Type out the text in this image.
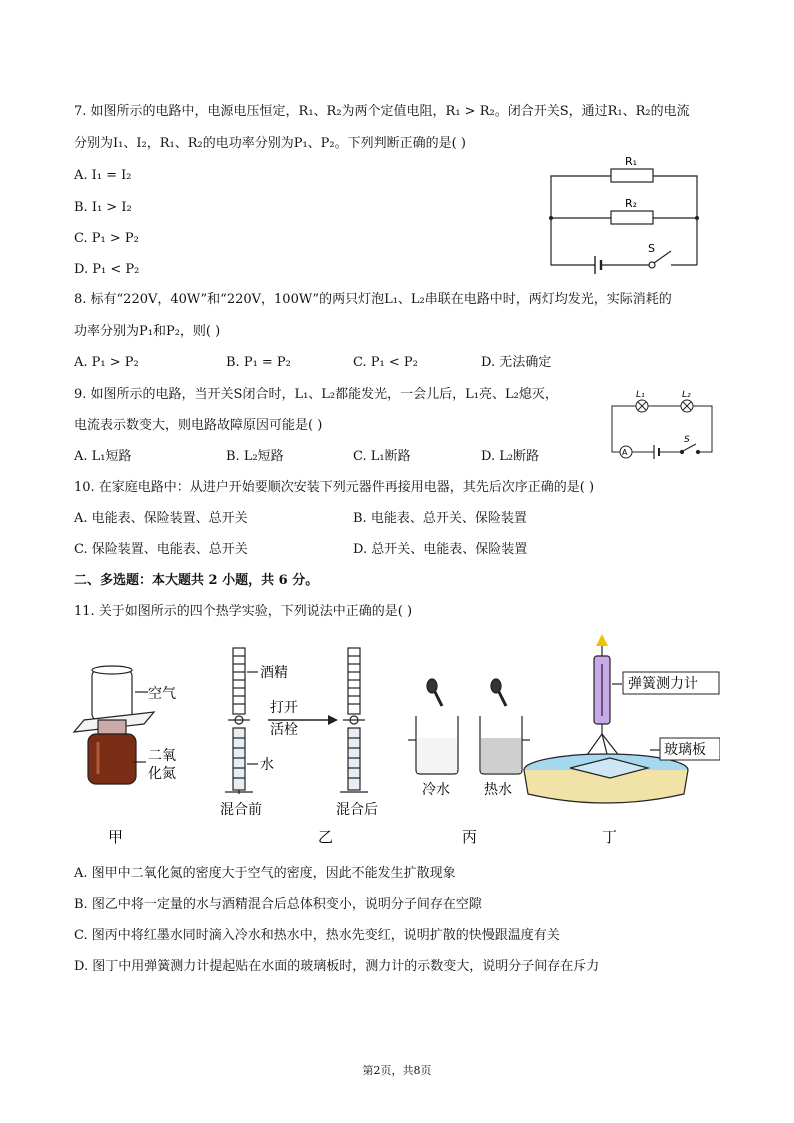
7. 如图所示的电路中，电源电压恒定，R₁、R₂为两个定值电阻，R₁ > R₂。闭合开关S，通过R₁、R₂的电流
分别为I₁、I₂，R₁、R₂的电功率分别为P₁、P₂。下列判断正确的是( )
A. I₁ = I₂
B. I₁ > I₂
C. P₁ > P₂
D. P₁ < P₂
R₁
R₂
S
8. 标有“220V，40W”和“220V，100W”的两只灯泡L₁、L₂串联在电路中时，两灯均发光，实际消耗的
功率分别为P₁和P₂，则( )
A. P₁ > P₂	B. P₁ = P₂	C. P₁ < P₂	D. 无法确定
9. 如图所示的电路，当开关S闭合时，L₁、L₂都能发光，一会儿后，L₁亮、L₂熄灭，
电流表示数变大，则电路故障原因可能是( )
A. L₁短路	B. L₂短路	C. L₁断路	D. L₂断路
L₁	L₂
A
S
10. 在家庭电路中：从进户开始要顺次安装下列元器件再接用电器，其先后次序正确的是( )
A. 电能表、保险装置、总开关	B. 电能表、总开关、保险装置
C. 保险装置、电能表、总开关	D. 总开关、电能表、保险装置
二、多选题：本大题共 2 小题，共 6 分。
11. 关于如图所示的四个热学实验，下列说法中正确的是( )
空气
二氧
化氮
甲
酒精
水
混合前
打开
活栓
混合后
乙
冷水 热水
丙
弹簧测力计
玻璃板
丁
A. 图甲中二氧化氮的密度大于空气的密度，因此不能发生扩散现象
B. 图乙中将一定量的水与酒精混合后总体积变小，说明分子间存在空隙
C. 图丙中将红墨水同时滴入冷水和热水中，热水先变红，说明扩散的快慢跟温度有关
D. 图丁中用弹簧测力计提起贴在水面的玻璃板时，测力计的示数变大，说明分子间存在斥力
第2页，共8页
